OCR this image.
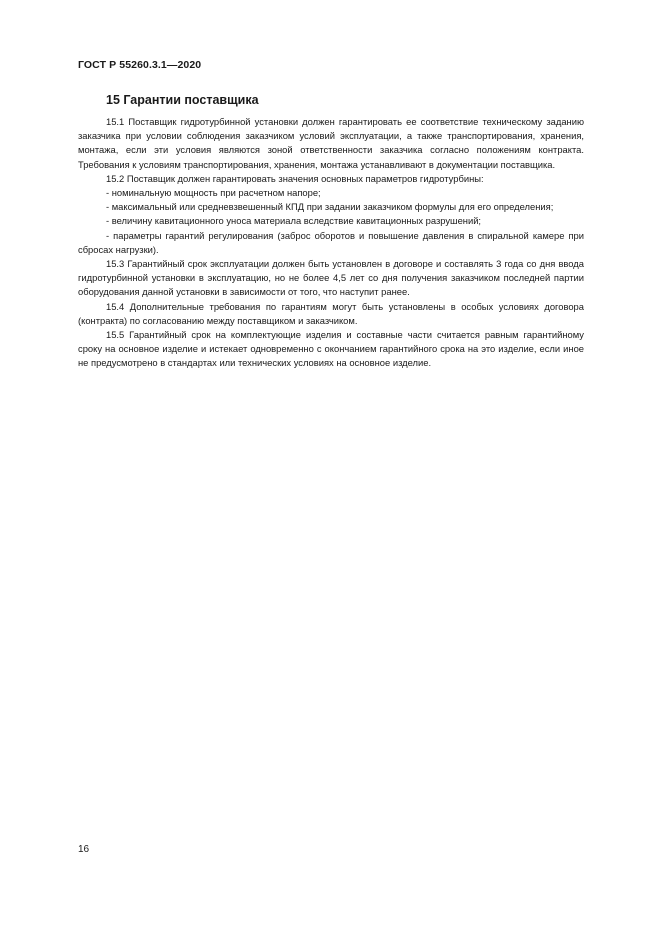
ГОСТ Р 55260.3.1—2020
15 Гарантии поставщика

15.1 Поставщик гидротурбинной установки должен гарантировать ее соответствие техническому заданию заказчика при условии соблюдения заказчиком условий эксплуатации, а также транспортирования, хранения, монтажа, если эти условия являются зоной ответственности заказчика согласно положениям контракта. Требования к условиям транспортирования, хранения, монтажа устанавливают в документации поставщика.

15.2 Поставщик должен гарантировать значения основных параметров гидротурбины:

- номинальную мощность при расчетном напоре;

- максимальный или средневзвешенный КПД при задании заказчиком формулы для его определения;

- величину кавитационного уноса материала вследствие кавитационных разрушений;

- параметры гарантий регулирования (заброс оборотов и повышение давления в спиральной камере при сбросах нагрузки).

15.3 Гарантийный срок эксплуатации должен быть установлен в договоре и составлять 3 года со дня ввода гидротурбинной установки в эксплуатацию, но не более 4,5 лет со дня получения заказчиком последней партии оборудования данной установки в зависимости от того, что наступит ранее.

15.4 Дополнительные требования по гарантиям могут быть установлены в особых условиях договора (контракта) по согласованию между поставщиком и заказчиком.

15.5 Гарантийный срок на комплектующие изделия и составные части считается равным гарантийному сроку на основное изделие и истекает одновременно с окончанием гарантийного срока на это изделие, если иное не предусмотрено в стандартах или технических условиях на основное изделие.

16
